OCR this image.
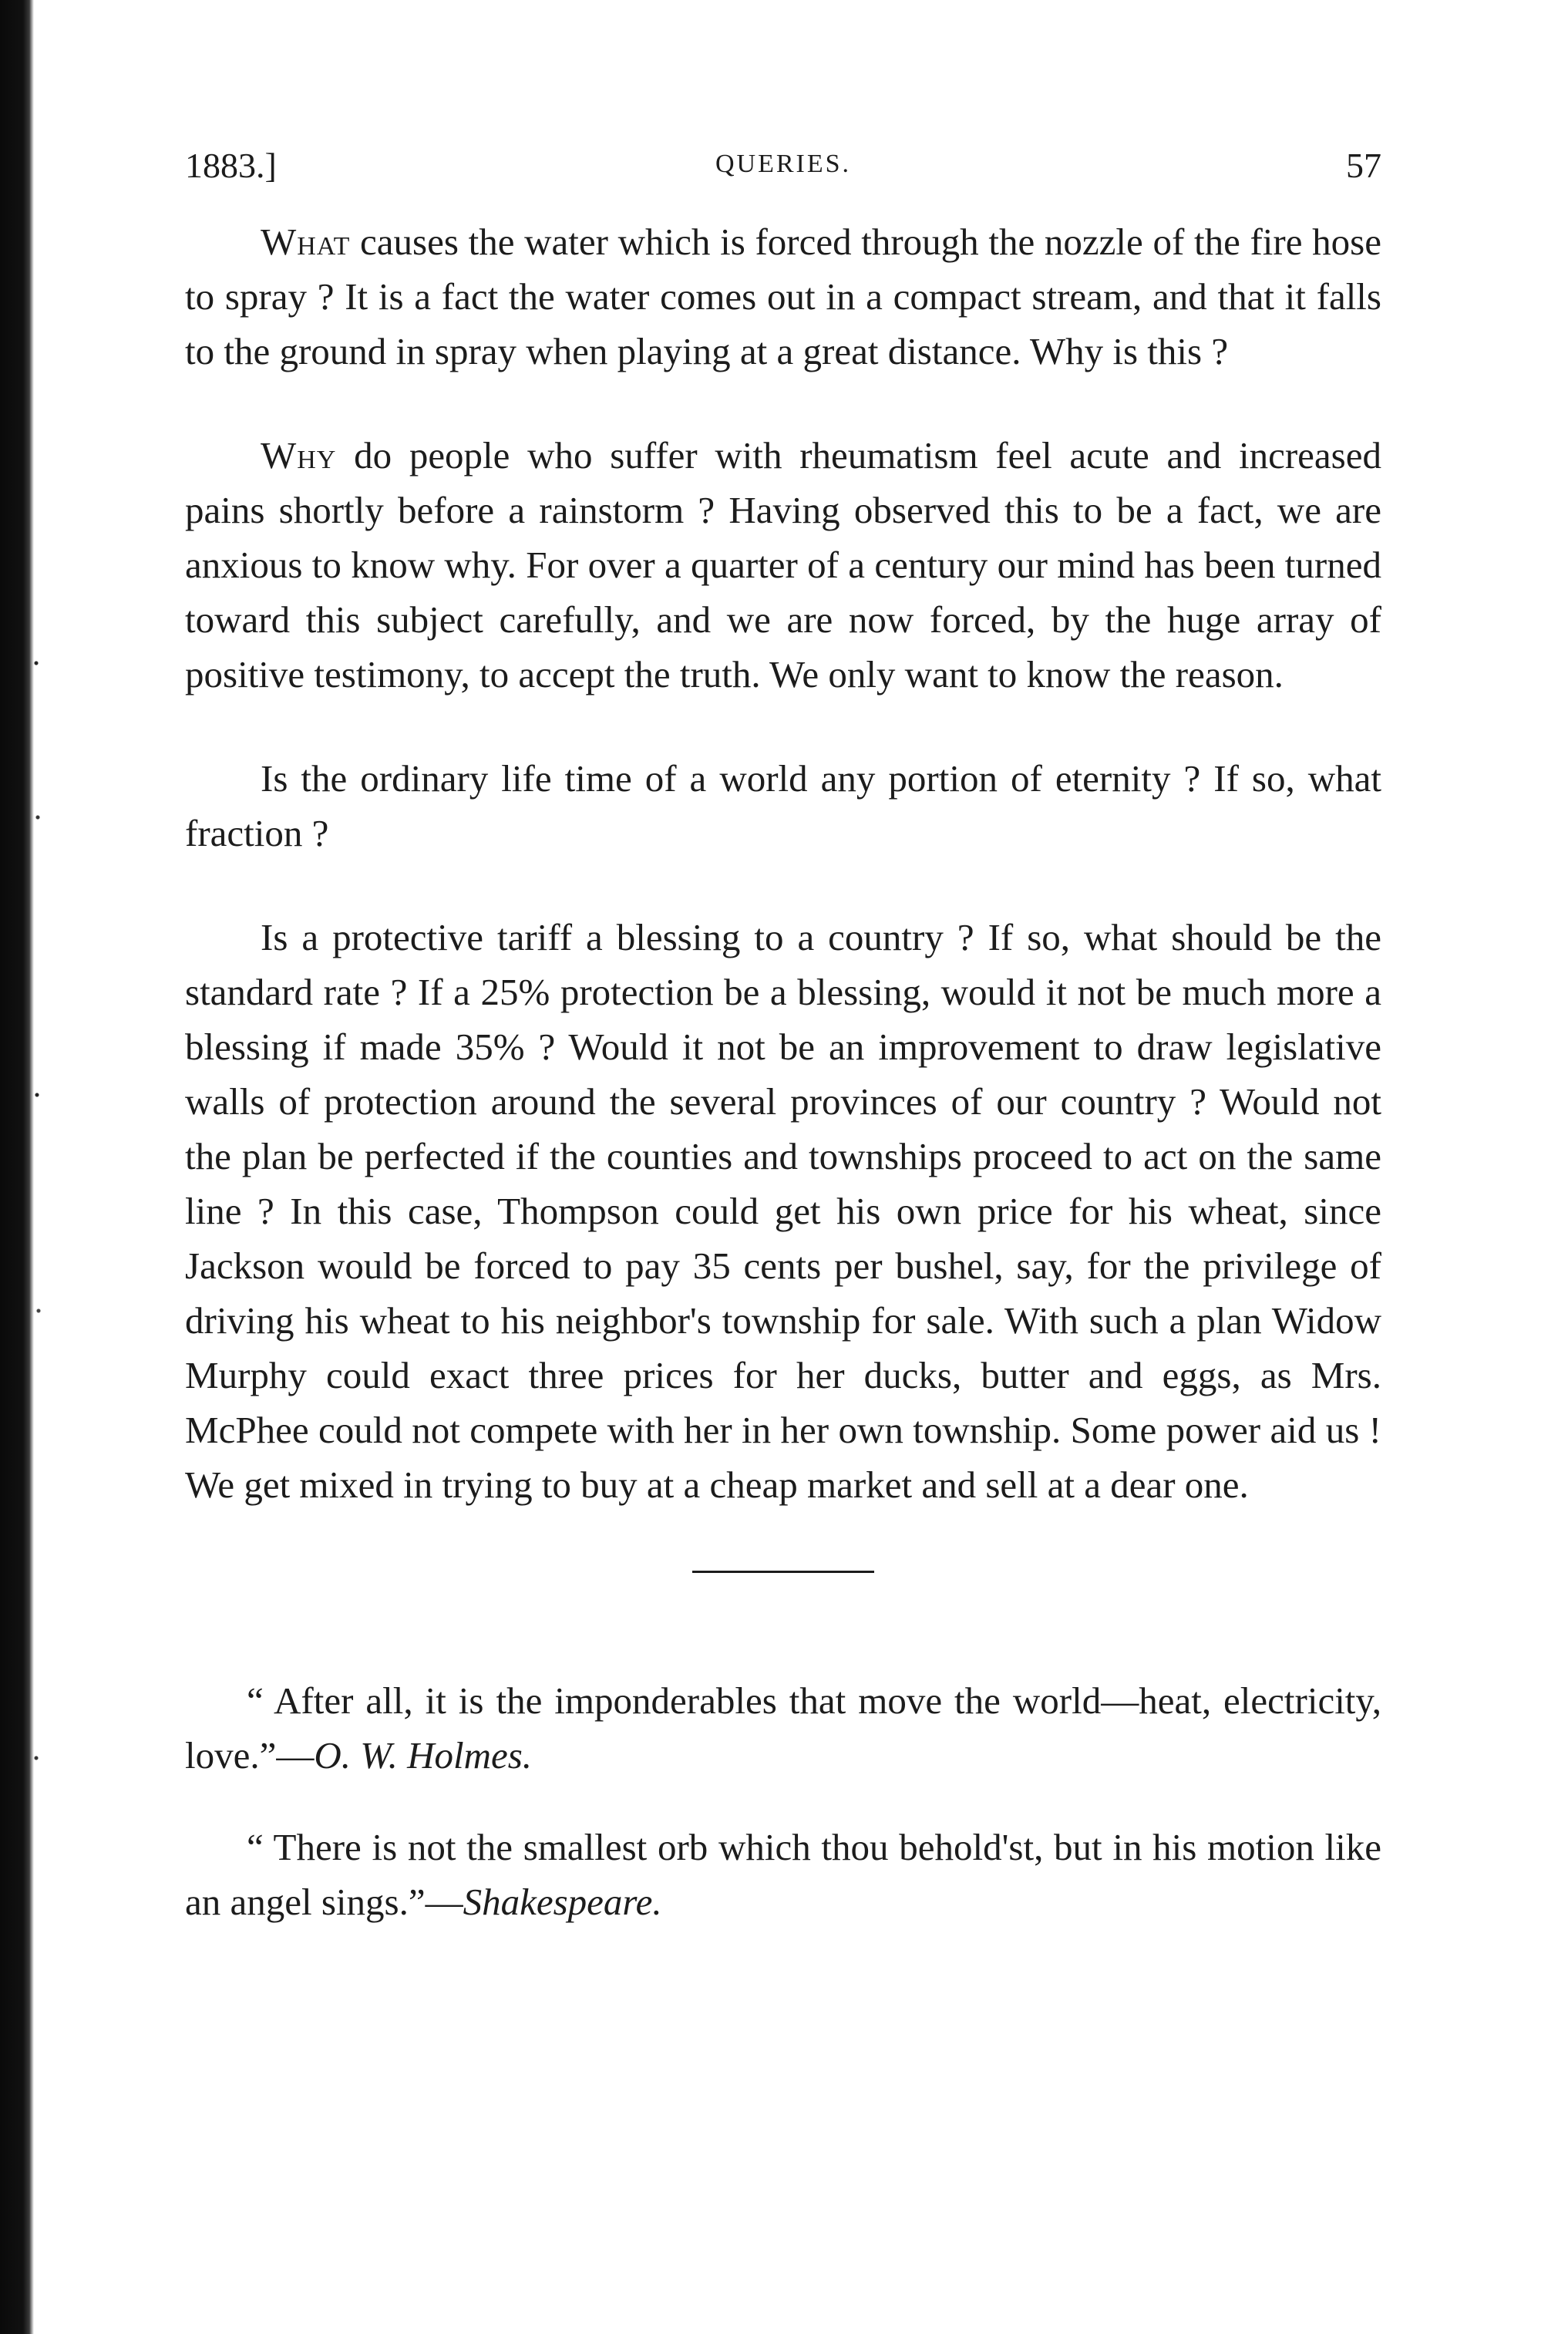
1883.]	QUERIES.	57

What causes the water which is forced through the nozzle of the fire hose to spray ? It is a fact the water comes out in a compact stream, and that it falls to the ground in spray when playing at a great distance. Why is this ?

Why do people who suffer with rheumatism feel acute and increased pains shortly before a rainstorm ? Having observed this to be a fact, we are anxious to know why. For over a quarter of a century our mind has been turned toward this subject carefully, and we are now forced, by the huge array of positive testimony, to accept the truth. We only want to know the reason.

Is the ordinary life time of a world any portion of eternity ? If so, what fraction ?

Is a protective tariff a blessing to a country ? If so, what should be the standard rate ? If a 25% protection be a blessing, would it not be much more a blessing if made 35% ? Would it not be an improvement to draw legislative walls of protection around the several provinces of our country ? Would not the plan be perfected if the counties and townships proceed to act on the same line ? In this case, Thompson could get his own price for his wheat, since Jackson would be forced to pay 35 cents per bushel, say, for the privilege of driving his wheat to his neighbor's township for sale. With such a plan Widow Murphy could exact three prices for her ducks, butter and eggs, as Mrs. McPhee could not compete with her in her own township. Some power aid us ! We get mixed in trying to buy at a cheap market and sell at a dear one.

“ After all, it is the imponderables that move the world—heat, electricity, love.”—O. W. Holmes.

“ There is not the smallest orb which thou behold'st, but in his motion like an angel sings.”—Shakespeare.
